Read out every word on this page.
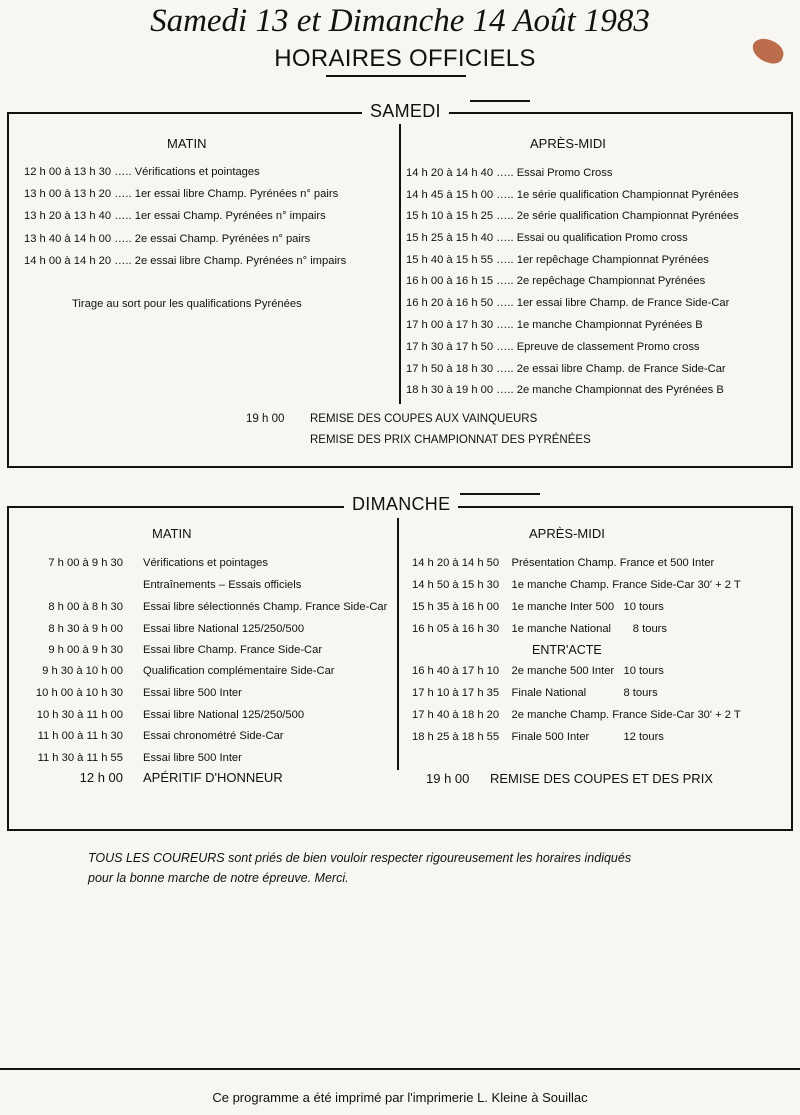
Samedi 13 et Dimanche 14 Août 1983
HORAIRES OFFICIELS
SAMEDI
MATIN	APRÈS-MIDI
12 h 00 à 13 h 30 ….. Vérifications et pointages
13 h 00 à 13 h 20 ….. 1er essai libre Champ. Pyrénées n° pairs
13 h 20 à 13 h 40 ….. 1er essai Champ. Pyrénées n° impairs
13 h 40 à 14 h 00 ….. 2e essai Champ. Pyrénées n° pairs
14 h 00 à 14 h 20 ….. 2e essai libre Champ. Pyrénées n° impairs
Tirage au sort pour les qualifications Pyrénées
14 h 20 à 14 h 40 ….. Essai Promo Cross
14 h 45 à 15 h 00 ….. 1e série qualification Championnat Pyrénées
15 h 10 à 15 h 25 ….. 2e série qualification Championnat Pyrénées
15 h 25 à 15 h 40 ….. Essai ou qualification Promo cross
15 h 40 à 15 h 55 ….. 1er repêchage Championnat Pyrénées
16 h 00 à 16 h 15 ….. 2e repêchage Championnat Pyrénées
16 h 20 à 16 h 50 ….. 1er essai libre Champ. de France Side-Car
17 h 00 à 17 h 30 ….. 1e manche Championnat Pyrénées B
17 h 30 à 17 h 50 ….. Epreuve de classement Promo cross
17 h 50 à 18 h 30 ….. 2e essai libre Champ. de France Side-Car
18 h 30 à 19 h 00 ….. 2e manche Championnat des Pyrénées B
19 h 00 REMISE DES COUPES AUX VAINQUEURS
REMISE DES PRIX CHAMPIONNAT DES PYRÉNÉES
DIMANCHE
MATIN	APRÈS-MIDI
7 h 00 à 9 h 30 Vérifications et pointages
Entraînements – Essais officiels
8 h 00 à 8 h 30 Essai libre sélectionnés Champ. France Side-Car
8 h 30 à 9 h 00 Essai libre National 125/250/500
9 h 00 à 9 h 30 Essai libre Champ. France Side-Car
9 h 30 à 10 h 00 Qualification complémentaire Side-Car
10 h 00 à 10 h 30 Essai libre 500 Inter
10 h 30 à 11 h 00 Essai libre National 125/250/500
11 h 00 à 11 h 30 Essai chronométré Side-Car
11 h 30 à 11 h 55 Essai libre 500 Inter
12 h 00 APÉRITIF D'HONNEUR
14 h 20 à 14 h 50 Présentation Champ. France et 500 Inter
14 h 50 à 15 h 30 1e manche Champ. France Side-Car 30' + 2 T
15 h 35 à 16 h 00 1e manche Inter 500   10 tours
16 h 05 à 16 h 30 1e manche National       8 tours
ENTR'ACTE
16 h 40 à 17 h 10 2e manche 500 Inter   10 tours
17 h 10 à 17 h 35 Finale National            8 tours
17 h 40 à 18 h 20 2e manche Champ. France Side-Car 30' + 2 T
18 h 25 à 18 h 55 Finale 500 Inter           12 tours
19 h 00 REMISE DES COUPES ET DES PRIX
TOUS LES COUREURS sont priés de bien vouloir respecter rigoureusement les horaires indiqués
pour la bonne marche de notre épreuve. Merci.
Ce programme a été imprimé par l'imprimerie L. Kleine à Souillac
